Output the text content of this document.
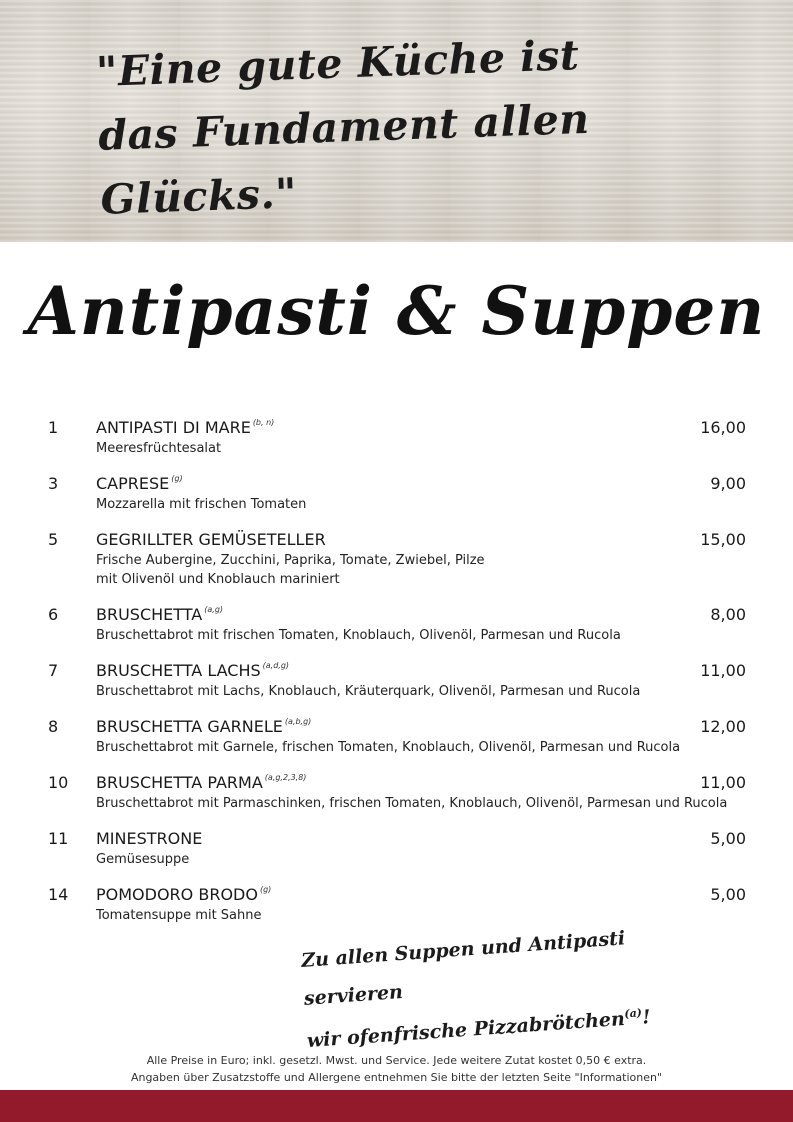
"Eine gute Küche ist
das Fundament allen Glücks."
Antipasti & Suppen
1 ANTIPASTI DI MARE $^{(b, n)}$	16,00
Meeresfrüchtesalat
3 CAPRESE $^{(g)}$	9,00
Mozzarella mit frischen Tomaten
5 GEGRILLTER GEMÜSETELLER	15,00
Frische Aubergine, Zucchini, Paprika, Tomate, Zwiebel, Pilze
mit Olivenöl und Knoblauch mariniert
6 BRUSCHETTA $^{(a,g)}$	8,00
Bruschettabrot mit frischen Tomaten, Knoblauch, Olivenöl, Parmesan und Rucola
7 BRUSCHETTA LACHS $^{(a,d,g)}$	11,00
Bruschettabrot mit Lachs, Knoblauch, Kräuterquark, Olivenöl, Parmesan und Rucola
8 BRUSCHETTA GARNELE $^{(a,b,g)}$	12,00
Bruschettabrot mit Garnele, frischen Tomaten, Knoblauch, Olivenöl, Parmesan und Rucola
10 BRUSCHETTA PARMA $^{(a,g,2,3,8)}$	11,00
Bruschettabrot mit Parmaschinken, frischen Tomaten, Knoblauch, Olivenöl, Parmesan und Rucola
11 MINESTRONE	5,00
Gemüsesuppe
14 POMODORO BRODO $^{(g)}$	5,00
Tomatensuppe mit Sahne
Zu allen Suppen und Antipasti servieren
wir ofenfrische Pizzabrötchen$^{(a)}$!
Alle Preise in Euro; inkl. gesetzl. Mwst. und Service. Jede weitere Zutat kostet 0,50 € extra.
Angaben über Zusatzstoffe und Allergene entnehmen Sie bitte der letzten Seite "Informationen"
